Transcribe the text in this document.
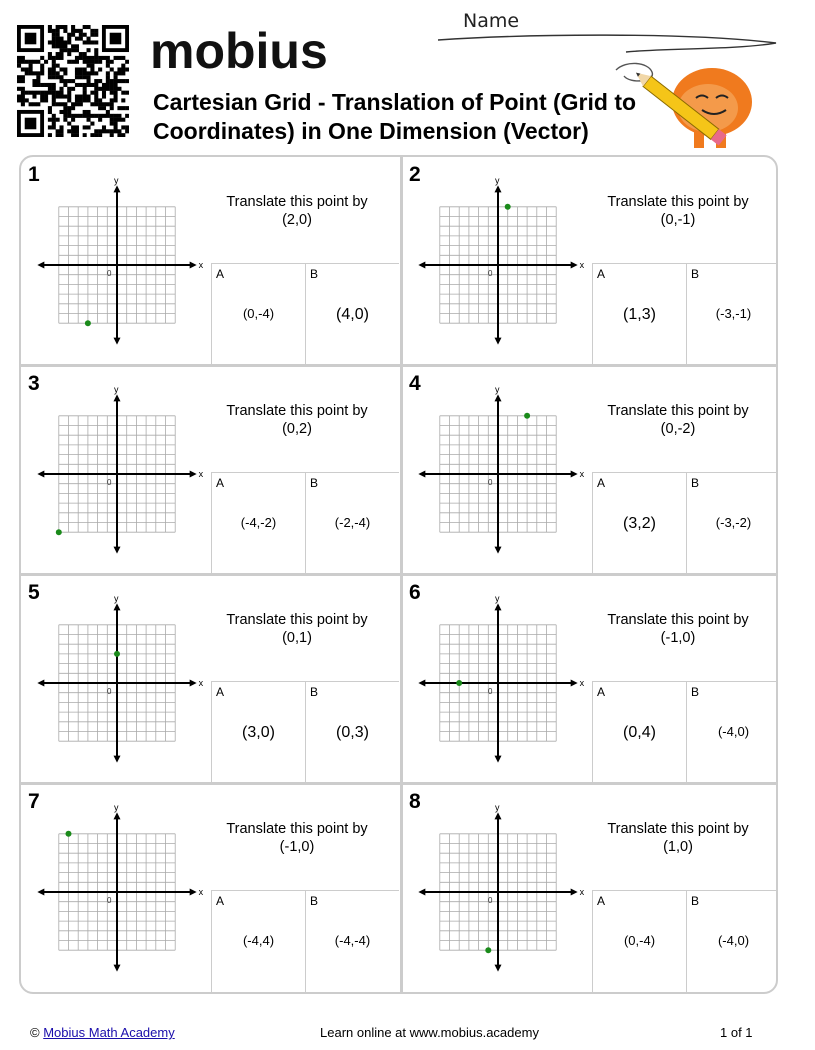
mobius
Name
Cartesian Grid - Translation of Point (Grid to Coordinates) in One Dimension (Vector)
1
x
y
0
Translate this point by (2,0)
A
(0,-4)
B
(4,0)
2
x
y
0
Translate this point by (0,-1)
A
(1,3)
B
(-3,-1)
3
x
y
0
Translate this point by (0,2)
A
(-4,-2)
B
(-2,-4)
4
x
y
0
Translate this point by (0,-2)
A
(3,2)
B
(-3,-2)
5
x
y
0
Translate this point by (0,1)
A
(3,0)
B
(0,3)
6
x
y
0
Translate this point by (-1,0)
A
(0,4)
B
(-4,0)
7
x
y
0
Translate this point by (-1,0)
A
(-4,4)
B
(-4,-4)
8
x
y
0
Translate this point by (1,0)
A
(0,-4)
B
(-4,0)
© Mobius Math Academy	Learn online at www.mobius.academy	1 of 1
